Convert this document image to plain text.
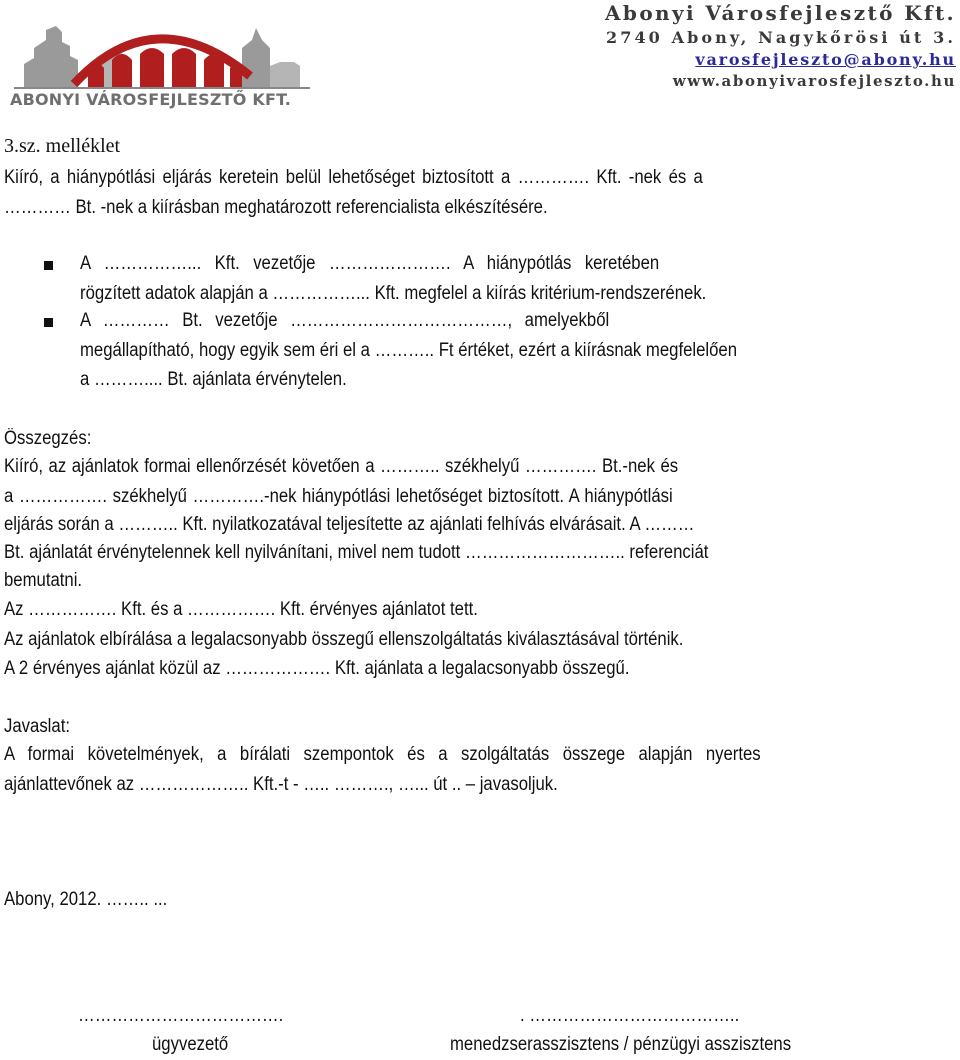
ABONYI VÁROSFEJLESZTŐ KFT.
Abonyi Városfejlesztő Kft.
2740 Abony, Nagykőrösi út 3.
varosfejleszto@abony.hu
www.abonyivarosfejleszto.hu
3.sz. melléklet
Kiíró, a hiánypótlási eljárás keretein belül lehetőséget biztosított a …………. Kft. -nek és a
………… Bt. -nek a kiírásban meghatározott referencialista elkészítésére.
A ……………... Kft. vezetője …………………. A hiánypótlás keretében
rögzített adatok alapján a ……………... Kft. megfelel a kiírás kritérium-rendszerének.
A ………… Bt. vezetője …………………………………, amelyekből
megállapítható, hogy egyik sem éri el a ……….. Ft értéket, ezért a kiírásnak megfelelően
a ……….... Bt. ajánlata érvénytelen.
Összegzés:
Kiíró, az ajánlatok formai ellenőrzését követően a ……….. székhelyű …………. Bt.-nek és
a ……………. székhelyű ………….-nek hiánypótlási lehetőséget biztosított. A hiánypótlási
eljárás során a ……….. Kft. nyilatkozatával teljesítette az ajánlati felhívás elvárásait. A ………
Bt. ajánlatát érvénytelennek kell nyilvánítani, mivel nem tudott ……………………….. referenciát
bemutatni.
Az ……………. Kft. és a ……………. Kft. érvényes ajánlatot tett.
Az ajánlatok elbírálása a legalacsonyabb összegű ellenszolgáltatás kiválasztásával történik.
A 2 érvényes ajánlat közül az ………………. Kft. ajánlata a legalacsonyabb összegű.
Javaslat:
A formai követelmények, a bírálati szempontok és a szolgáltatás összege alapján nyertes
ajánlattevőnek az ……………….. Kft.-t - ….. ………., …... út .. – javasoljuk.
Abony, 2012. …….. ...
……………………………….
ügyvezető
. ………………………………..
menedzserasszisztens / pénzügyi asszisztens
